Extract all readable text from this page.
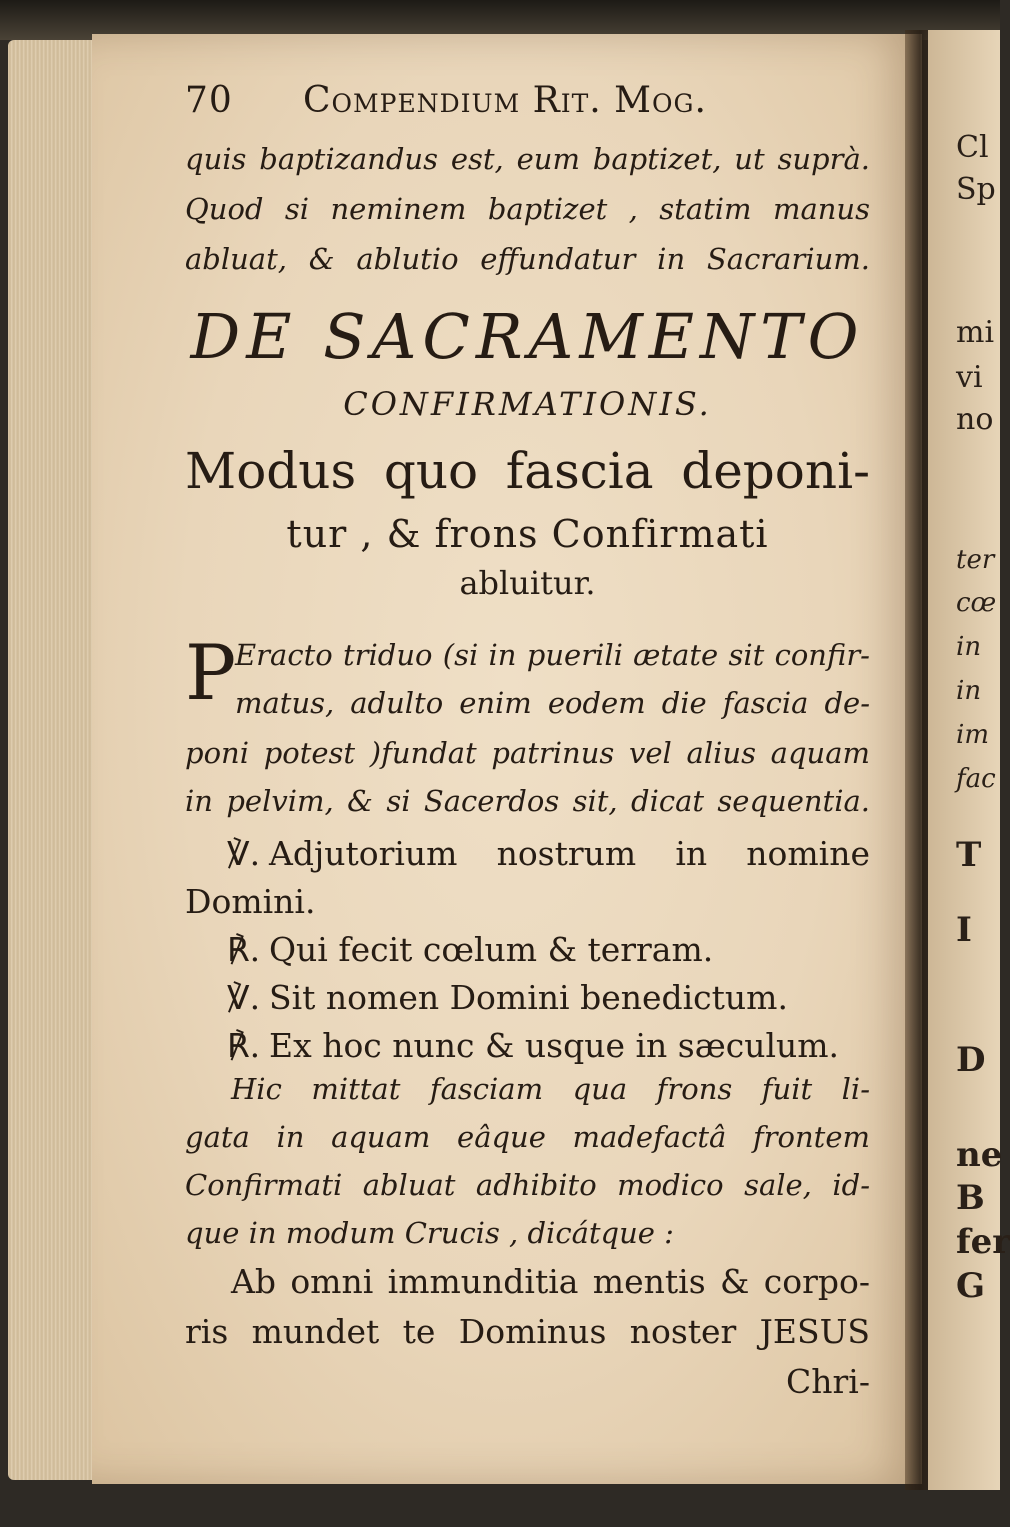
Cl
Sp
mi
vi
no
ter
cœ
in
in
im
fac
T
I
D
ne
B
fer
G
70 Compendium Rit. Mog.
quis baptizandus est, eum baptizet, ut suprà.
Quod si neminem baptizet , statim manus
abluat, & ablutio effundatur in Sacrarium.
DE SACRAMENTO
CONFIRMATIONIS.
Modus quo fascia deponi-
tur , & frons Confirmati
abluitur.
P
Eracto triduo (si in puerili ætate sit confir-
matus, adulto enim eodem die fascia de-
poni potest )fundat patrinus vel alius aquam
in pelvim, & si Sacerdos sit, dicat sequentia.
℣. Adjutorium nostrum in nomine
Domini.
℟. Qui fecit cœlum & terram.
℣. Sit nomen Domini benedictum.
℟. Ex hoc nunc & usque in sæculum.
Hic mittat fasciam qua frons fuit li-
gata in aquam eâque madefactâ frontem
Confirmati abluat adhibito modico sale, id-
que in modum Crucis , dicátque :
Ab omni immunditia mentis & corpo-
ris mundet te Dominus noster JESUS
Chri-
